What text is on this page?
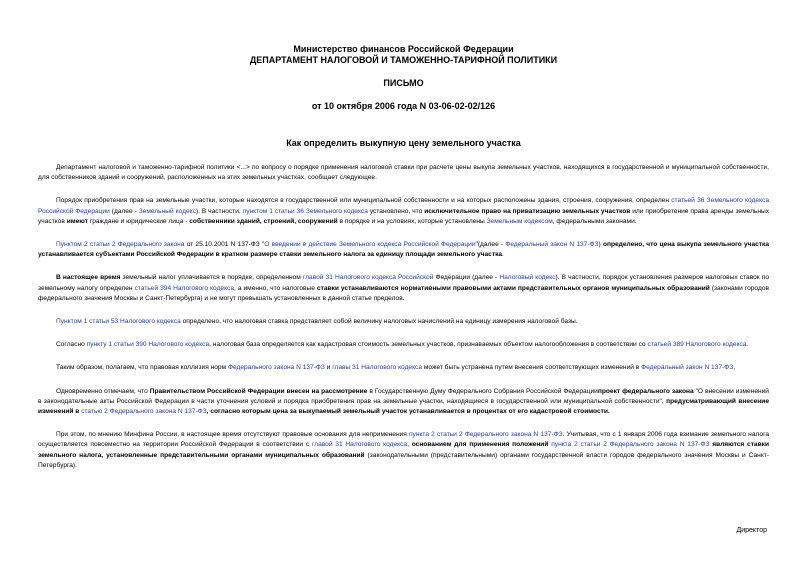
Министерство финансов Российской Федерации
ДЕПАРТАМЕНТ НАЛОГОВОЙ И ТАМОЖЕННО-ТАРИФНОЙ ПОЛИТИКИ
ПИСЬМО
от 10 октября 2006 года N 03-06-02-02/126
Как определить выкупную цену земельного участка

Департамент налоговой и таможенно-тарифной политики <...> по вопросу о порядке применения налоговой ставки при расчете цены выкупа земельных участков, находящихся в государственной и муниципальной собственности, для собственников зданий и сооружений, расположенных на этих земельных участках, сообщает следующее.

Порядок приобретения прав на земельные участки, которые находятся в государственной или муниципальной собственности и на которых расположены здания, строения, сооружения, определен статьей 36 Земельного кодекса Российской Федерации (далее - Земельный кодекс). В частности, пунктом 1 статьи 36 Земельного кодекса установлено, что исключительное право на приватизацию земельных участков или приобретение права аренды земельных участков имеют граждане и юридические лица - собственники зданий, строений, сооружений в порядке и на условиях, которые установлены Земельным кодексом, федеральными законами.

Пунктом 2 статьи 2 Федерального закона от 25.10.2001 N 137-ФЗ "О введении в действие Земельного кодекса Российской Федерации"(далее - Федеральный закон N 137-ФЗ) определено, что цена выкупа земельного участка устанавливается субъектами Российской Федерации в кратном размере ставки земельного налога за единицу площади земельного участка.

В настоящее время земельный налог уплачивается в порядке, определенном главой 31 Налогового кодекса Российской Федерации (далее - Налоговый кодекс). В частности, порядок установления размеров налоговых ставок по земельному налогу определен статьей 394 Налогового кодекса, а именно, что налоговые ставки устанавливаются нормативными правовыми актами представительных органов муниципальных образований (законами городов федерального значения Москвы и Санкт-Петербурга) и не могут превышать установленных в данной статье пределов.

Пунктом 1 статьи 53 Налогового кодекса определено, что налоговая ставка представляет собой величину налоговых начислений на единицу измерения налоговой базы.

Согласно пункту 1 статьи 390 Налогового кодекса, налоговая база определяется как кадастровая стоимость земельных участков, признаваемых объектом налогообложения в соответствии со статьей 389 Налогового кодекса.

Таким образом, полагаем, что правовая коллизия норм Федерального закона N 137-ФЗ и главы 31 Налогового кодекса может быть устранена путем внесения соответствующих изменений в Федеральный закон N 137-ФЗ.

Одновременно отмечаем, что Правительством Российской Федерации внесен на рассмотрение в Государственную Думу Федерального Собрания Российской Федерациипроект федерального закона "О внесении изменений в законодательные акты Российской Федерации в части уточнения условий и порядка приобретения прав на земельные участки, находящиеся в государственной или муниципальной собственности", предусматривающий внесение изменений в статью 2 Федерального закона N 137-ФЗ, согласно которым цена за выкупаемый земельный участок устанавливается в процентах от его кадастровой стоимости.

При этом, по мнению Минфина России, в настоящее время отсутствуют правовые основания для неприменения пункта 2 статьи 2 Федерального закона N 137-ФЗ. Учитывая, что с 1 января 2006 года взимание земельного налога осуществляется повсеместно на территории Российской Федерации в соответствии с главой 31 Налогового кодекса, основанием для применения положений пункта 2 статьи 2 Федерального закона N 137-ФЗ являются ставки земельного налога, установленные представительными органами муниципальных образований (законодательными (представительными) органами государственной власти городов федерального значения Москвы и Санкт-Петербурга).

Директор
